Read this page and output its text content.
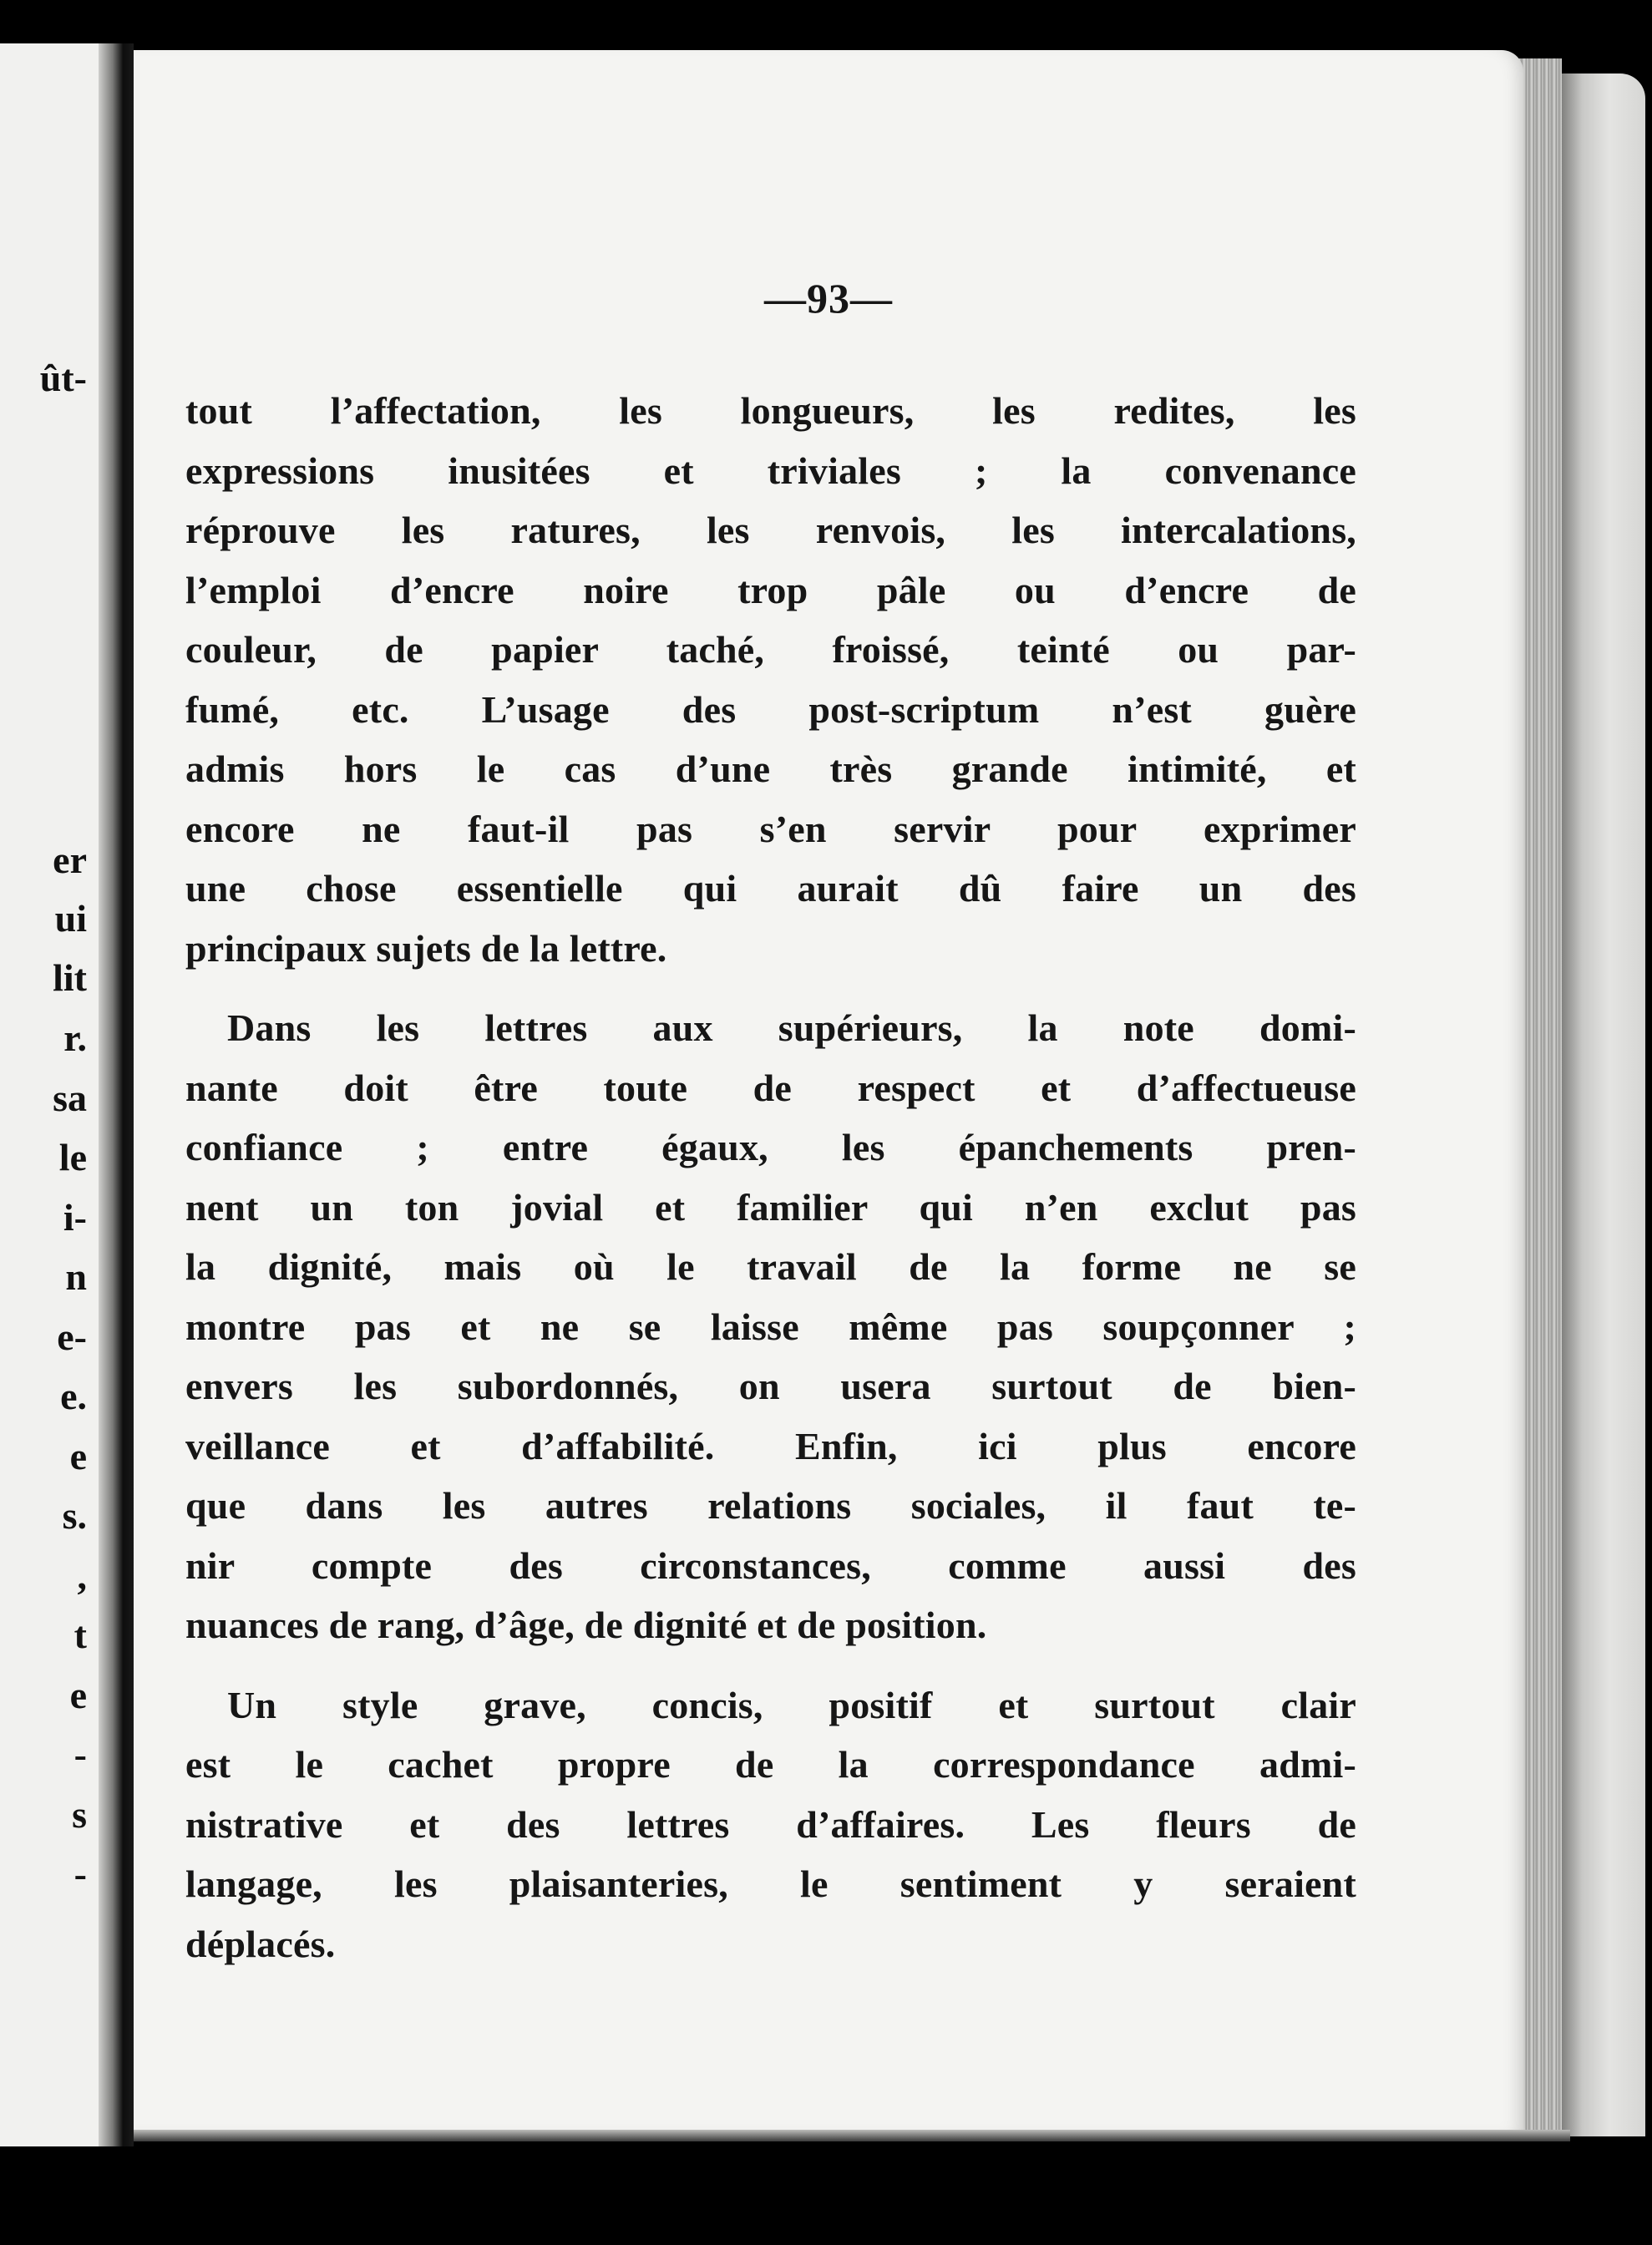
ût-
er
ui
lit
r.
sa
le
i-
n
e-
e.
e
s.
,
t
e
-
s
-
—93—
tout l’affectation, les longueurs, les redites, les
expressions inusitées et triviales ; la convenance
réprouve les ratures, les renvois, les intercalations,
l’emploi d’encre noire trop pâle ou d’encre de
couleur, de papier taché, froissé, teinté ou par-
fumé, etc. L’usage des post-scriptum n’est guère
admis hors le cas d’une très grande intimité, et
encore ne faut-il pas s’en servir pour exprimer
une chose essentielle qui aurait dû faire un des
principaux sujets de la lettre.
Dans les lettres aux supérieurs, la note domi-
nante doit être toute de respect et d’affectueuse
confiance ; entre égaux, les épanchements pren-
nent un ton jovial et familier qui n’en exclut pas
la dignité, mais où le travail de la forme ne se
montre pas et ne se laisse même pas soupçonner ;
envers les subordonnés, on usera surtout de bien-
veillance et d’affabilité. Enfin, ici plus encore
que dans les autres relations sociales, il faut te-
nir compte des circonstances, comme aussi des
nuances de rang, d’âge, de dignité et de position.
Un style grave, concis, positif et surtout clair
est le cachet propre de la correspondance admi-
nistrative et des lettres d’affaires. Les fleurs de
langage, les plaisanteries, le sentiment y seraient
déplacés.
